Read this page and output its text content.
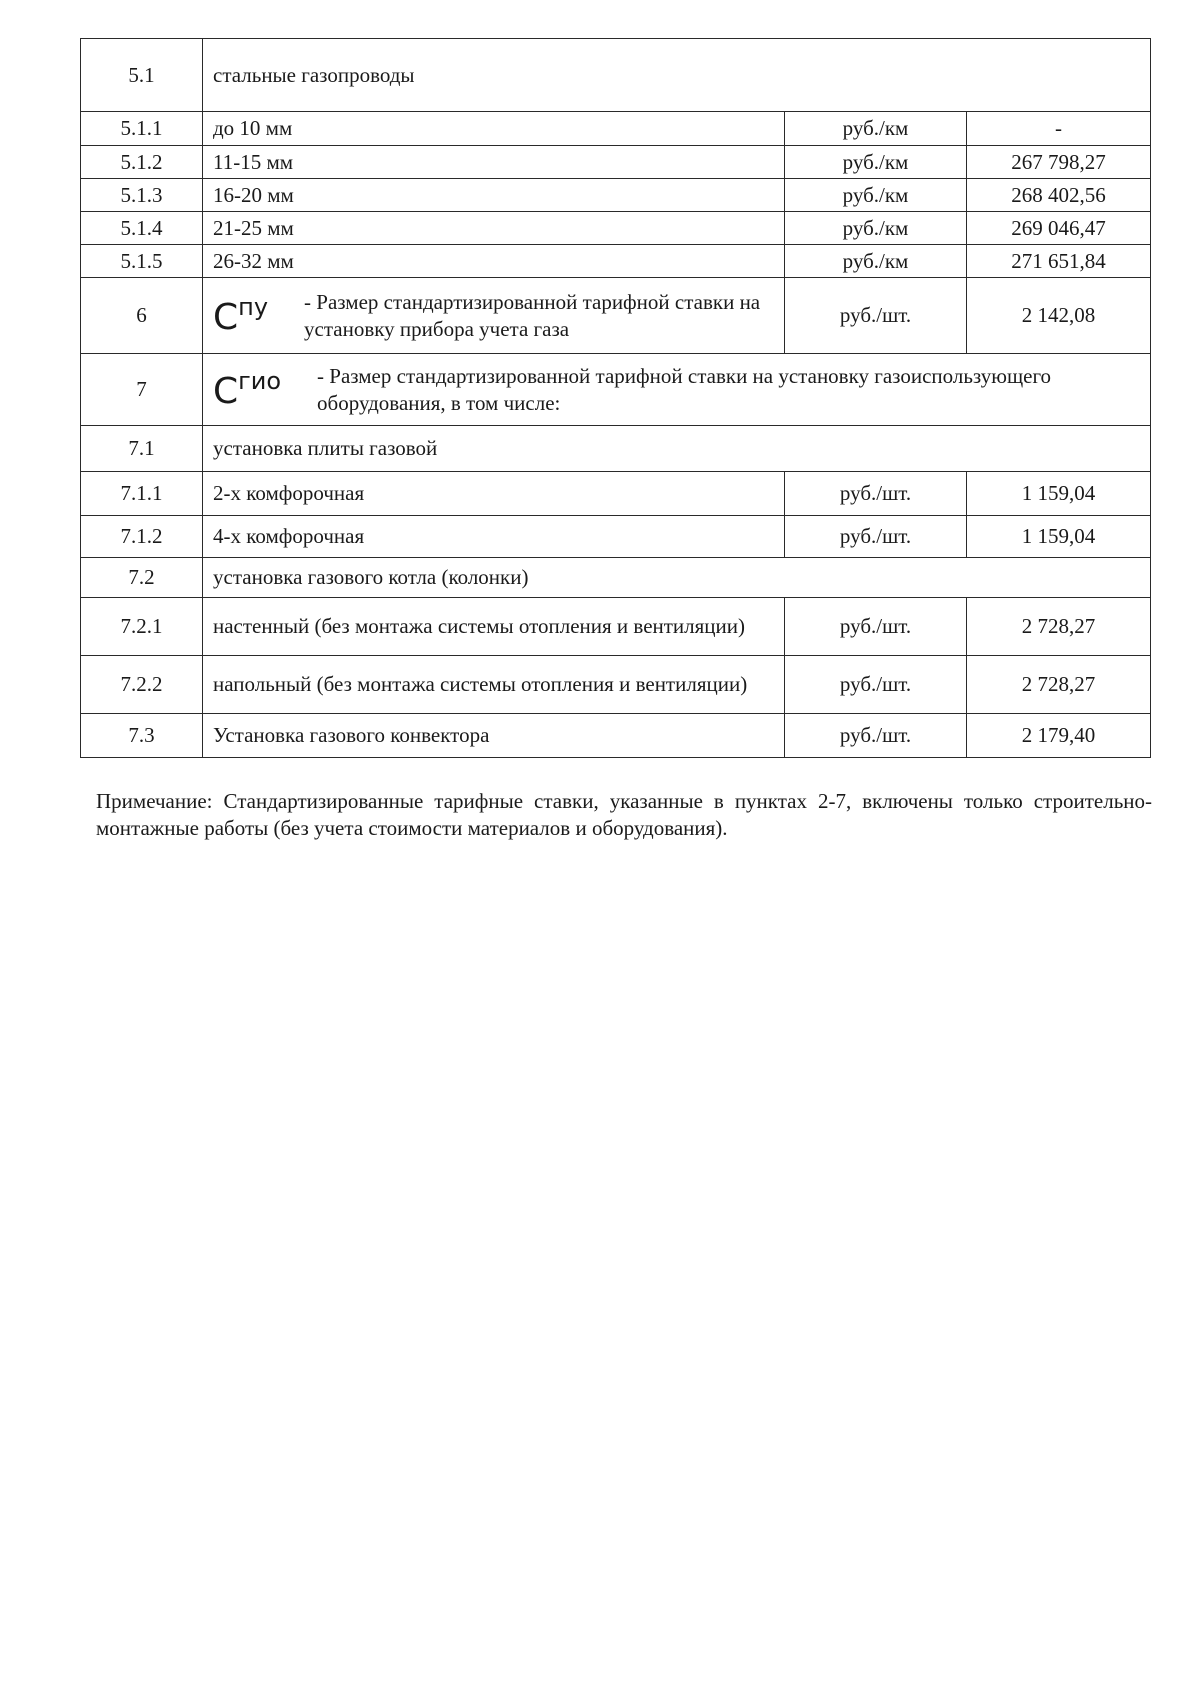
5.1	стальные газопроводы		
5.1.1	до 10 мм	руб./км	-
5.1.2	11-15 мм	руб./км	267 798,27
5.1.3	16-20 мм	руб./км	268 402,56
5.1.4	21-25 мм	руб./км	269 046,47
5.1.5	26-32 мм	руб./км	271 651,84
6	$С^{пу}$ - Размер стандартизированной тарифной ставки на установку прибора учета газа	руб./шт.	2 142,08
7	$С^{гио}$ - Размер стандартизированной тарифной ставки на установку газоиспользующего оборудования, в том числе:		

7.1	установка плиты газовой		
7.1.1	2-х комфорочная	руб./шт.	1 159,04
7.1.2	4-х комфорочная	руб./шт.	1 159,04
7.2	установка газового котла (колонки)		
7.2.1	настенный (без монтажа системы отопления и вентиляции)	руб./шт.	2 728,27
7.2.2	напольный (без монтажа системы отопления и вентиляции)	руб./шт.	2 728,27
7.3	Установка газового конвектора	руб./шт.	2 179,40
Примечание: Стандартизированные тарифные ставки, указанные в пунктах 2-7, включены только строительно-монтажные работы (без учета стоимости материалов и оборудования).
